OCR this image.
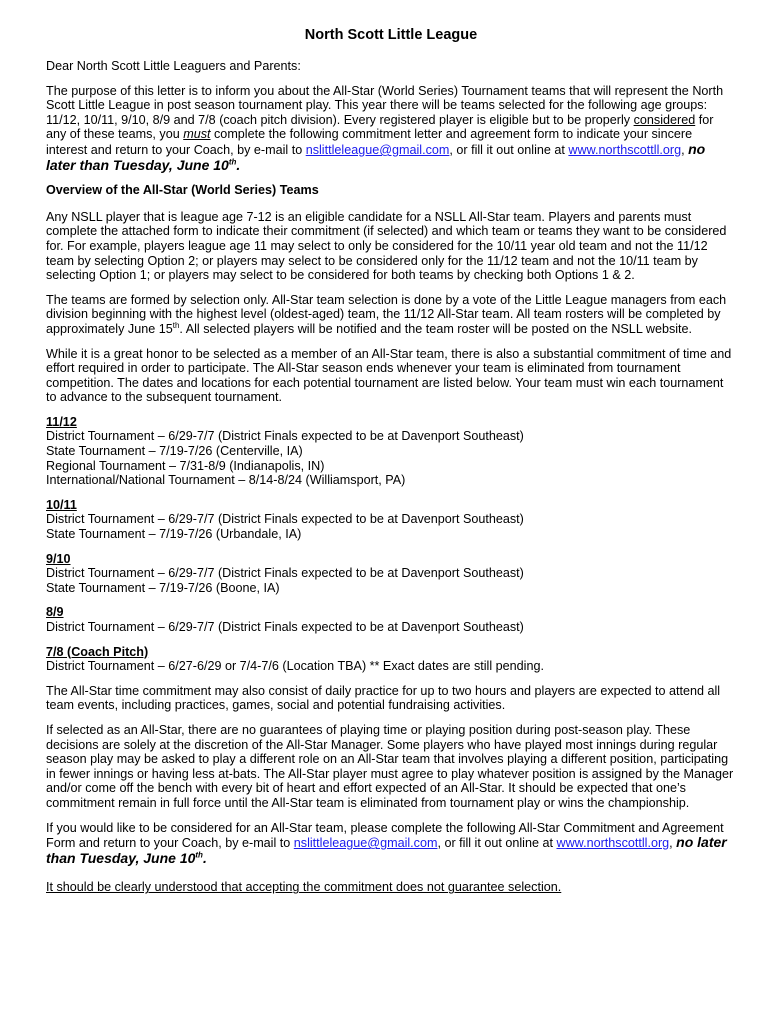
North Scott Little League

Dear North Scott Little Leaguers and Parents:

The purpose of this letter is to inform you about the All-Star (World Series) Tournament teams that will represent the North Scott Little League in post season tournament play. This year there will be teams selected for the following age groups: 11/12, 10/11, 9/10, 8/9 and 7/8 (coach pitch division). Every registered player is eligible but to be properly considered for any of these teams, you must complete the following commitment letter and agreement form to indicate your sincere interest and return to your Coach, by e-mail to nslittleleague@gmail.com, or fill it out online at www.northscottll.org, no later than Tuesday, June 10th.

Overview of the All-Star (World Series) Teams

Any NSLL player that is league age 7-12 is an eligible candidate for a NSLL All-Star team. Players and parents must complete the attached form to indicate their commitment (if selected) and which team or teams they want to be considered for. For example, players league age 11 may select to only be considered for the 10/11 year old team and not the 11/12 team by selecting Option 2; or players may select to be considered only for the 11/12 team and not the 10/11 team by selecting Option 1; or players may select to be considered for both teams by checking both Options 1 & 2.

The teams are formed by selection only. All-Star team selection is done by a vote of the Little League managers from each division beginning with the highest level (oldest-aged) team, the 11/12 All-Star team. All team rosters will be completed by approximately June 15th. All selected players will be notified and the team roster will be posted on the NSLL website.

While it is a great honor to be selected as a member of an All-Star team, there is also a substantial commitment of time and effort required in order to participate. The All-Star season ends whenever your team is eliminated from tournament competition. The dates and locations for each potential tournament are listed below. Your team must win each tournament to advance to the subsequent tournament.

11/12
District Tournament – 6/29-7/7 (District Finals expected to be at Davenport Southeast)
State Tournament – 7/19-7/26 (Centerville, IA)
Regional Tournament – 7/31-8/9 (Indianapolis, IN)
International/National Tournament – 8/14-8/24 (Williamsport, PA)
10/11
District Tournament – 6/29-7/7 (District Finals expected to be at Davenport Southeast)
State Tournament – 7/19-7/26 (Urbandale, IA)
9/10
District Tournament – 6/29-7/7 (District Finals expected to be at Davenport Southeast)
State Tournament – 7/19-7/26 (Boone, IA)
8/9
District Tournament – 6/29-7/7 (District Finals expected to be at Davenport Southeast)
7/8 (Coach Pitch)
District Tournament – 6/27-6/29 or 7/4-7/6 (Location TBA) ** Exact dates are still pending.

The All-Star time commitment may also consist of daily practice for up to two hours and players are expected to attend all team events, including practices, games, social and potential fundraising activities.

If selected as an All-Star, there are no guarantees of playing time or playing position during post-season play. These decisions are solely at the discretion of the All-Star Manager. Some players who have played most innings during regular season play may be asked to play a different role on an All-Star team that involves playing a different position, participating in fewer innings or having less at-bats. The All-Star player must agree to play whatever position is assigned by the Manager and/or come off the bench with every bit of heart and effort expected of an All-Star. It should be expected that one’s commitment remain in full force until the All-Star team is eliminated from tournament play or wins the championship.

If you would like to be considered for an All-Star team, please complete the following All-Star Commitment and Agreement Form and return to your Coach, by e-mail to nslittleleague@gmail.com, or fill it out online at www.northscottll.org, no later than Tuesday, June 10th.

It should be clearly understood that accepting the commitment does not guarantee selection.
